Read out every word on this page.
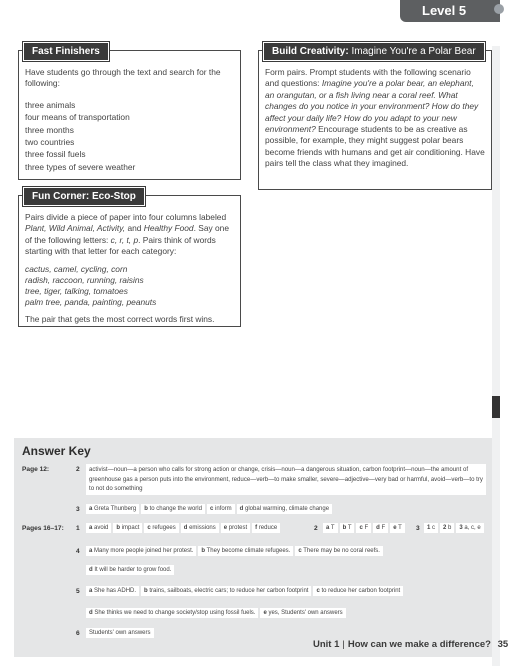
Level 5
Fast Finishers

Have students go through the text and search for the following:

three animals
four means of transportation
three months
two countries
three fossil fuels
three types of severe weather
Fun Corner: Eco-Stop

Pairs divide a piece of paper into four columns labeled Plant, Wild Animal, Activity, and Healthy Food. Say one of the following letters: c, r, t, p. Pairs think of words starting with that letter for each category:

cactus, camel, cycling, corn
radish, raccoon, running, raisins
tree, tiger, talking, tomatoes
palm tree, panda, painting, peanuts

The pair that gets the most correct words first wins.

Build Creativity: Imagine You're a Polar Bear

Form pairs. Prompt students with the following scenario and questions: Imagine you're a polar bear, an elephant, an orangutan, or a fish living near a coral reef. What changes do you notice in your environment? How do they affect your daily life? How do you adapt to your new environment? Encourage students to be as creative as possible, for example, they might suggest polar bears become friends with humans and get air conditioning. Have pairs tell the class what they imagined.

Answer Key
Page 12:	2	activist—noun—a person who calls for strong action or change, crisis—noun—a dangerous situation, carbon footprint—noun—the amount of greenhouse gas a person puts into the environment, reduce—verb—to make smaller, severe—adjective—very bad or harmful, avoid—verb—to try to not do something
3	a Greta Thunberg	b to change the world	c inform	d global warming, climate change
Pages 16–17: 1	a avoid	b impact	c refugees	d emissions	e protest	f reduce	2	a T	b T	c F	d F	e T	3	1 c	2 b	3 a, c, e
4	a Many more people joined her protest.	b They become climate refugees.	c There may be no coral reefs.
d It will be harder to grow food.
5	a She has ADHD.	b trains, sailboats, electric cars; to reduce her carbon footprint	c to reduce her carbon footprint
d She thinks we need to change society/stop using fossil fuels.	e yes, Students' own answers
6	Students' own answers
Unit 1 | How can we make a difference? 35
